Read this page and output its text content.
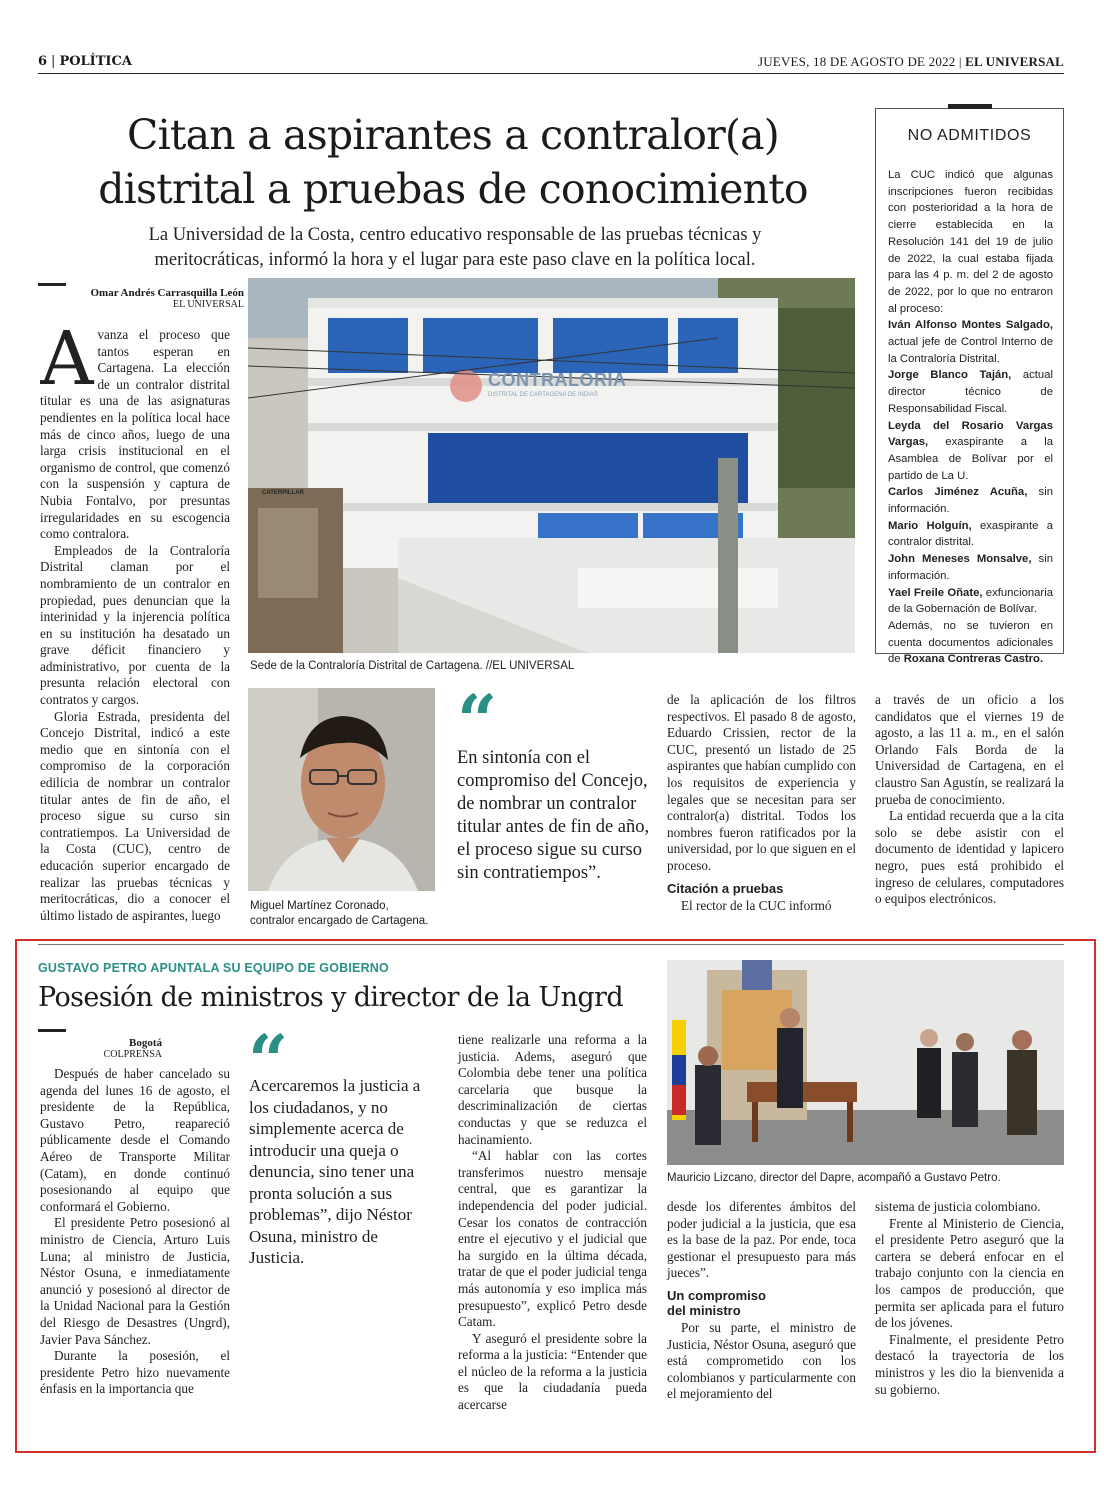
6 | POLÍTICA	JUEVES, 18 DE AGOSTO DE 2022 | EL UNIVERSAL
Citan a aspirantes a contralor(a)
distrital a pruebas de conocimiento
La Universidad de la Costa, centro educativo responsable de las pruebas técnicas y
meritocráticas, informó la hora y el lugar para este paso clave en la política local.
Omar Andrés Carrasquilla León
EL UNIVERSAL

Avanza el proceso que tantos esperan en Cartagena. La elección de un contralor distrital titular es una de las asignaturas pendientes en la política local hace más de cinco años, luego de una larga crisis institucional en el organismo de control, que comenzó con la suspensión y captura de Nubia Fontalvo, por presuntas irregularidades en su escogencia como contralora.

Empleados de la Contraloría Distrital claman por el nombramiento de un contralor en propiedad, pues denuncian que la interinidad y la injerencia política en su institución ha desatado un grave déficit financiero y administrativo, por cuenta de la presunta relación electoral con contratos y cargos.

Gloria Estrada, presidenta del Concejo Distrital, indicó a este medio que en sintonía con el compromiso de la corporación edilicia de nombrar un contralor titular antes de fin de año, el proceso sigue su curso sin contratiempos. La Universidad de la Costa (CUC), centro de educación superior encargado de realizar las pruebas técnicas y meritocráticas, dio a conocer el último listado de aspirantes, luego

CONTRALORIA
DISTRITAL DE CARTAGENA DE INDIAS
CATERPILLAR
Sede de la Contraloría Distrital de Cartagena. //EL UNIVERSAL
Miguel Martínez Coronado, contralor encargado de Cartagena.
“
En sintonía con el compromiso del Concejo, de nombrar un contralor titular antes de fin de año, el proceso sigue su curso sin contratiempos”.

de la aplicación de los filtros respectivos. El pasado 8 de agosto, Eduardo Crissien, rector de la CUC, presentó un listado de 25 aspirantes que habían cumplido con los requisitos de experiencia y legales que se necesitan para ser contralor(a) distrital. Todos los nombres fueron ratificados por la universidad, por lo que siguen en el proceso.

Citación a pruebas

El rector de la CUC informó

a través de un oficio a los candidatos que el viernes 19 de agosto, a las 11 a. m., en el salón Orlando Fals Borda de la Universidad de Cartagena, en el claustro San Agustín, se realizará la prueba de conocimiento.

La entidad recuerda que a la cita solo se debe asistir con el documento de identidad y lapicero negro, pues está prohibido el ingreso de celulares, computadores o equipos electrónicos.

NO ADMITIDOS

La CUC indicó que algunas inscripciones fueron recibidas con posterioridad a la hora de cierre establecida en la Resolución 141 del 19 de julio de 2022, la cual estaba fijada para las 4 p. m. del 2 de agosto de 2022, por lo que no entraron al proceso:

Iván Alfonso Montes Salgado, actual jefe de Control Interno de la Contraloría Distrital.

Jorge Blanco Taján, actual director técnico de Responsabilidad Fiscal.

Leyda del Rosario Vargas Vargas, exaspirante a la Asamblea de Bolívar por el partido de La U.

Carlos Jiménez Acuña, sin información.

Mario Holguín, exaspirante a contralor distrital.

John Meneses Monsalve, sin información.

Yael Freile Oñate, exfuncionaria de la Gobernación de Bolívar.

Además, no se tuvieron en cuenta documentos adicionales de Roxana Contreras Castro.

GUSTAVO PETRO APUNTALA SU EQUIPO DE GOBIERNO
Posesión de ministros y director de la Ungrd
Bogotá
COLPRENSA

Después de haber cancelado su agenda del lunes 16 de agosto, el presidente de la República, Gustavo Petro, reapareció públicamente desde el Comando Aéreo de Transporte Militar (Catam), en donde continuó posesionando al equipo que conformará el Gobierno.

El presidente Petro posesionó al ministro de Ciencia, Arturo Luis Luna; al ministro de Justicia, Néstor Osuna, e inmediatamente anunció y posesionó al director de la Unidad Nacional para la Gestión del Riesgo de Desastres (Ungrd), Javier Pava Sánchez.

Durante la posesión, el presidente Petro hizo nuevamente énfasis en la importancia que

“
Acercaremos la justicia a los ciudadanos, y no simplemente acerca de introducir una queja o denuncia, sino tener una pronta solución a sus problemas”, dijo Néstor Osuna, ministro de Justicia.

tiene realizarle una reforma a la justicia. Adems, aseguró que Colombia debe tener una política carcelaria que busque la descriminalización de ciertas conductas y que se reduzca el hacinamiento.

“Al hablar con las cortes transferimos nuestro mensaje central, que es garantizar la independencia del poder judicial. Cesar los conatos de contracción entre el ejecutivo y el judicial que ha surgido en la última década, tratar de que el poder judicial tenga más autonomía y eso implica más presupuesto”, explicó Petro desde Catam.

Y aseguró el presidente sobre la reforma a la justicia: “Entender que el núcleo de la reforma a la justicia es que la ciudadanía pueda acercarse

Mauricio Lizcano, director del Dapre, acompañó a Gustavo Petro.

desde los diferentes ámbitos del poder judicial a la justicia, que esa es la base de la paz. Por ende, toca gestionar el presupuesto para más jueces”.

Un compromiso
del ministro

Por su parte, el ministro de Justicia, Néstor Osuna, aseguró que está comprometido con los colombianos y particularmente con el mejoramiento del

sistema de justicia colombiano.

Frente al Ministerio de Ciencia, el presidente Petro aseguró que la cartera se deberá enfocar en el trabajo conjunto con la ciencia en los campos de producción, que permita ser aplicada para el futuro de los jóvenes.

Finalmente, el presidente Petro destacó la trayectoria de los ministros y les dio la bienvenida a su gobierno.
